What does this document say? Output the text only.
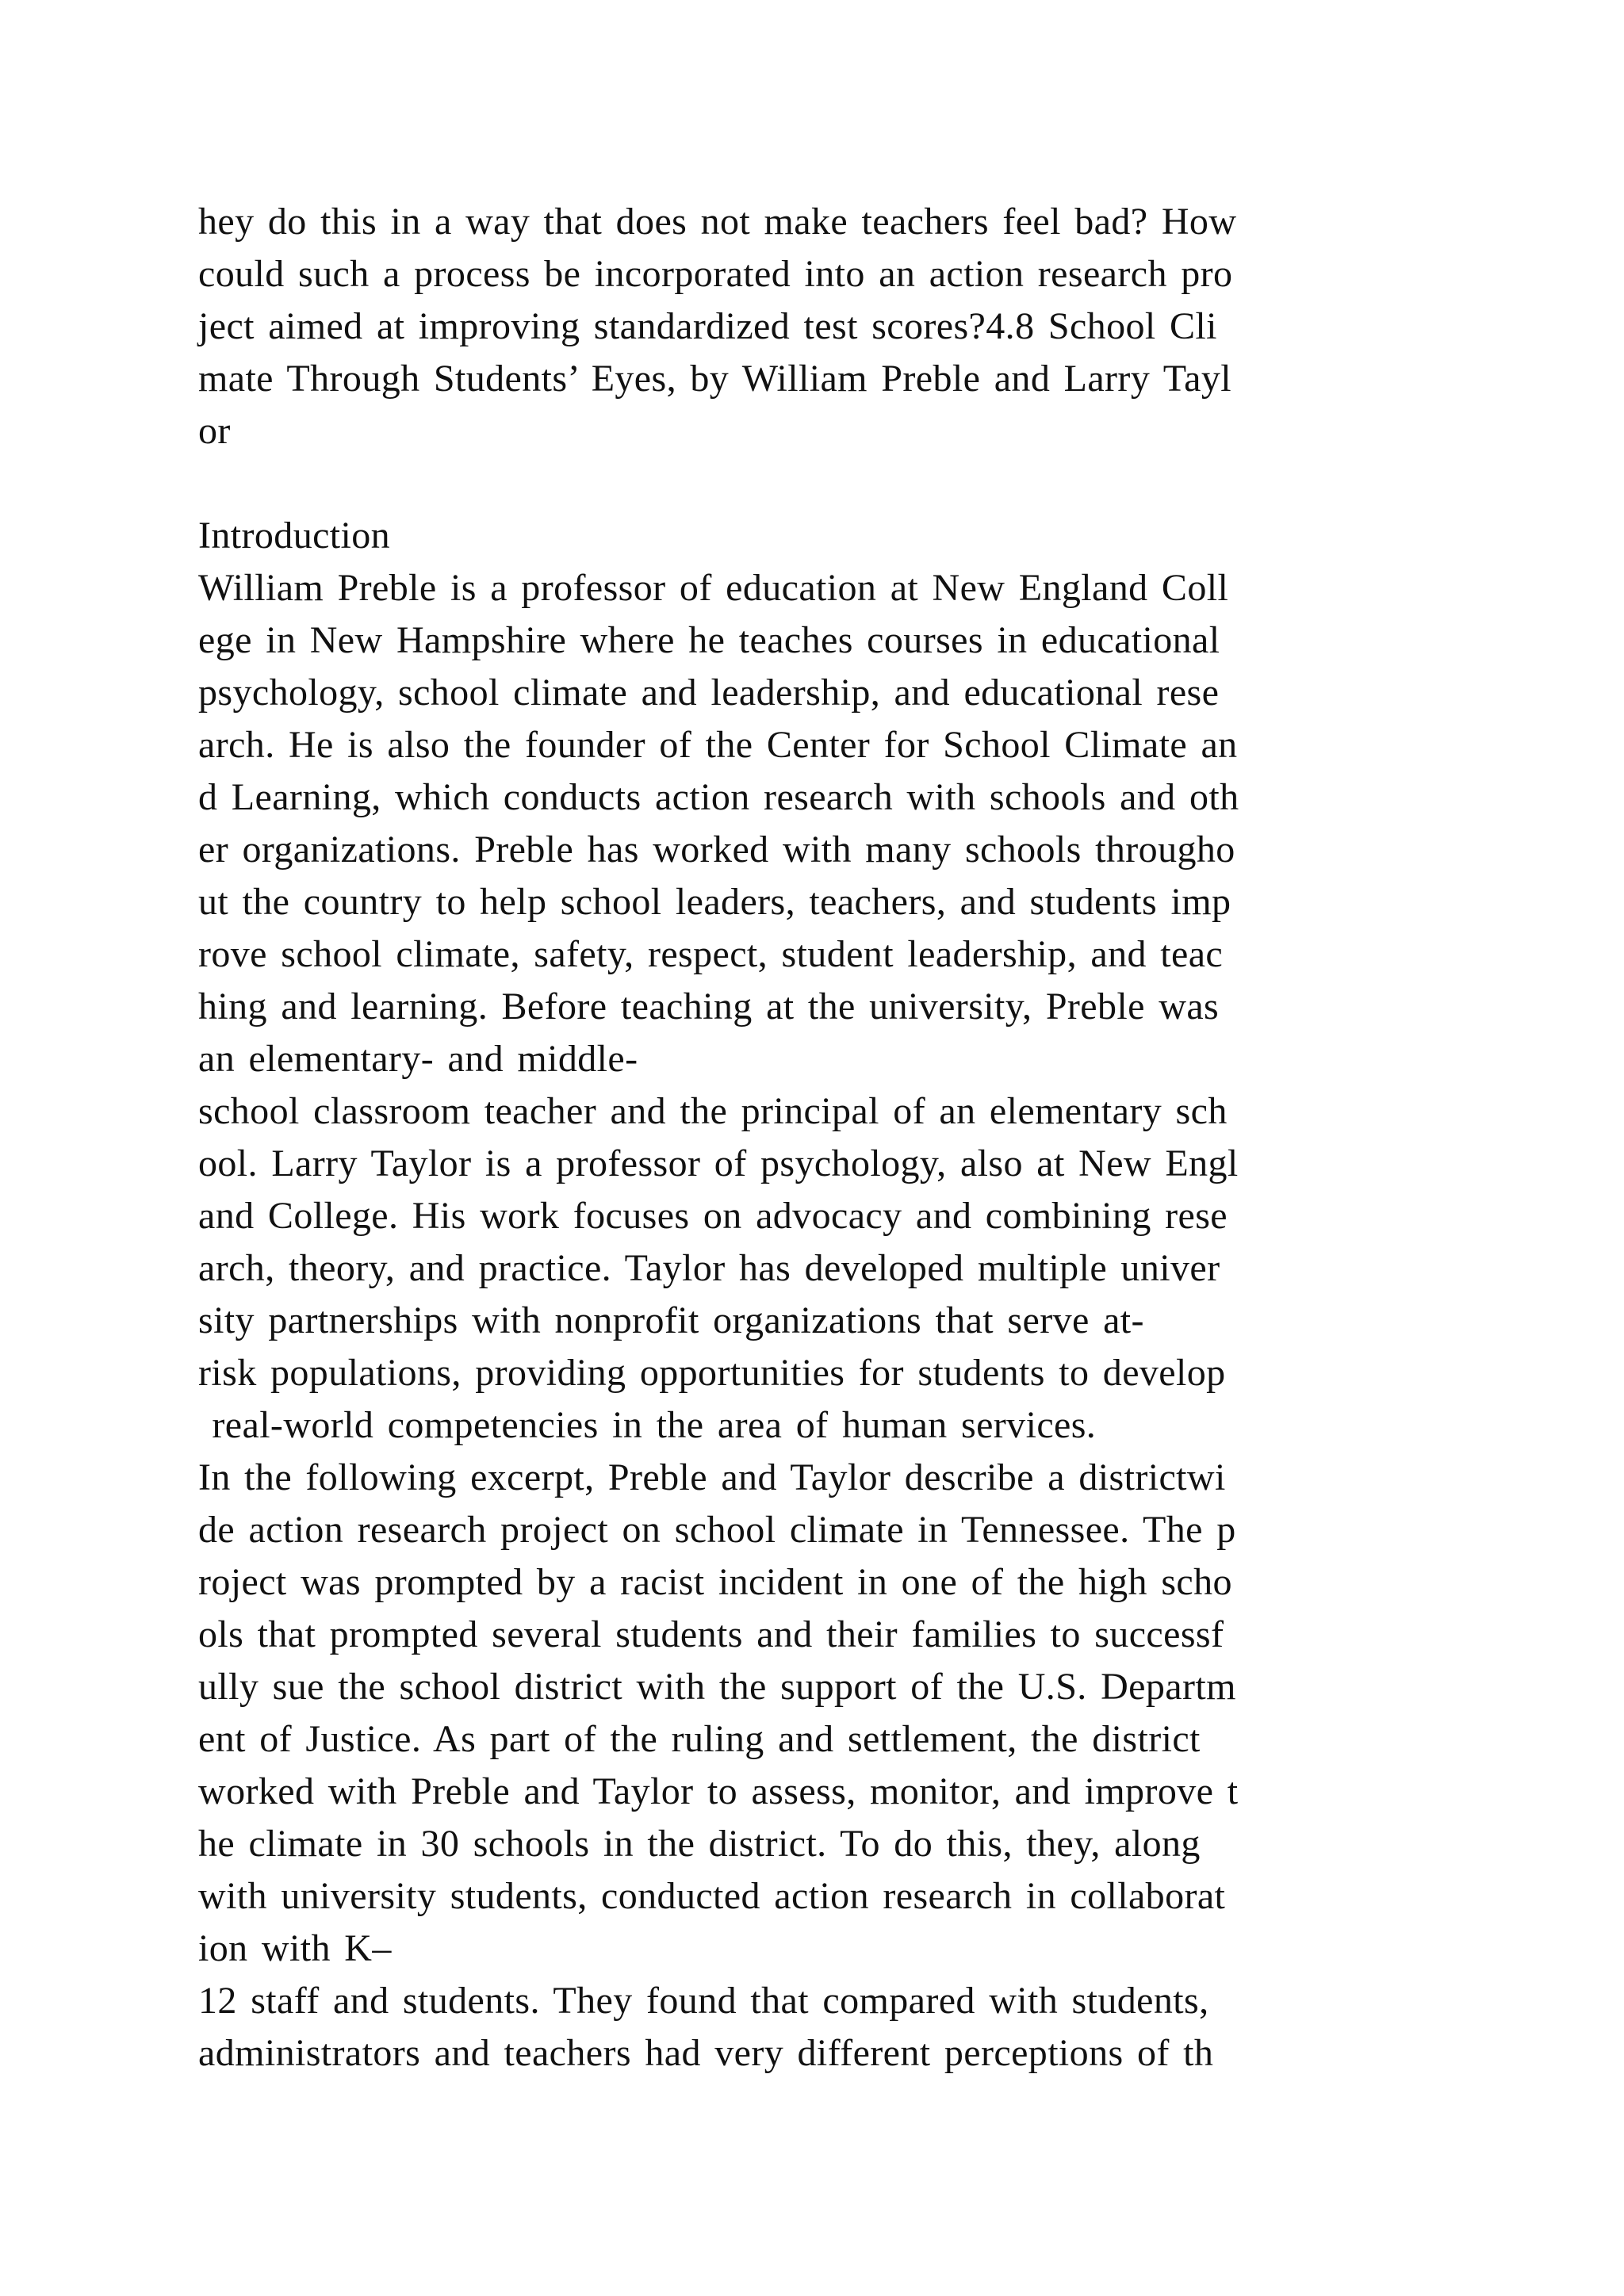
hey do this in a way that does not make teachers feel bad? How
could such a process be incorporated into an action research pro
ject aimed at improving standardized test scores?4.8 School Cli
mate Through Students’ Eyes, by William Preble and Larry Tayl
or
Introduction
William Preble is a professor of education at New England Coll
ege in New Hampshire where he teaches courses in educational
psychology, school climate and leadership, and educational rese
arch. He is also the founder of the Center for School Climate an
d Learning, which conducts action research with schools and oth
er organizations. Preble has worked with many schools througho
ut the country to help school leaders, teachers, and students imp
rove school climate, safety, respect, student leadership, and teac
hing and learning. Before teaching at the university, Preble was
an elementary- and middle-
school classroom teacher and the principal of an elementary sch
ool. Larry Taylor is a professor of psychology, also at New Engl
and College. His work focuses on advocacy and combining rese
arch, theory, and practice. Taylor has developed multiple univer
sity partnerships with nonprofit organizations that serve at-
risk populations, providing opportunities for students to develop
real-world competencies in the area of human services.
In the following excerpt, Preble and Taylor describe a districtwi
de action research project on school climate in Tennessee. The p
roject was prompted by a racist incident in one of the high scho
ols that prompted several students and their families to successf
ully sue the school district with the support of the U.S. Departm
ent of Justice. As part of the ruling and settlement, the district
worked with Preble and Taylor to assess, monitor, and improve t
he climate in 30 schools in the district. To do this, they, along
with university students, conducted action research in collaborat
ion with K–
12 staff and students. They found that compared with students,
administrators and teachers had very different perceptions of th
